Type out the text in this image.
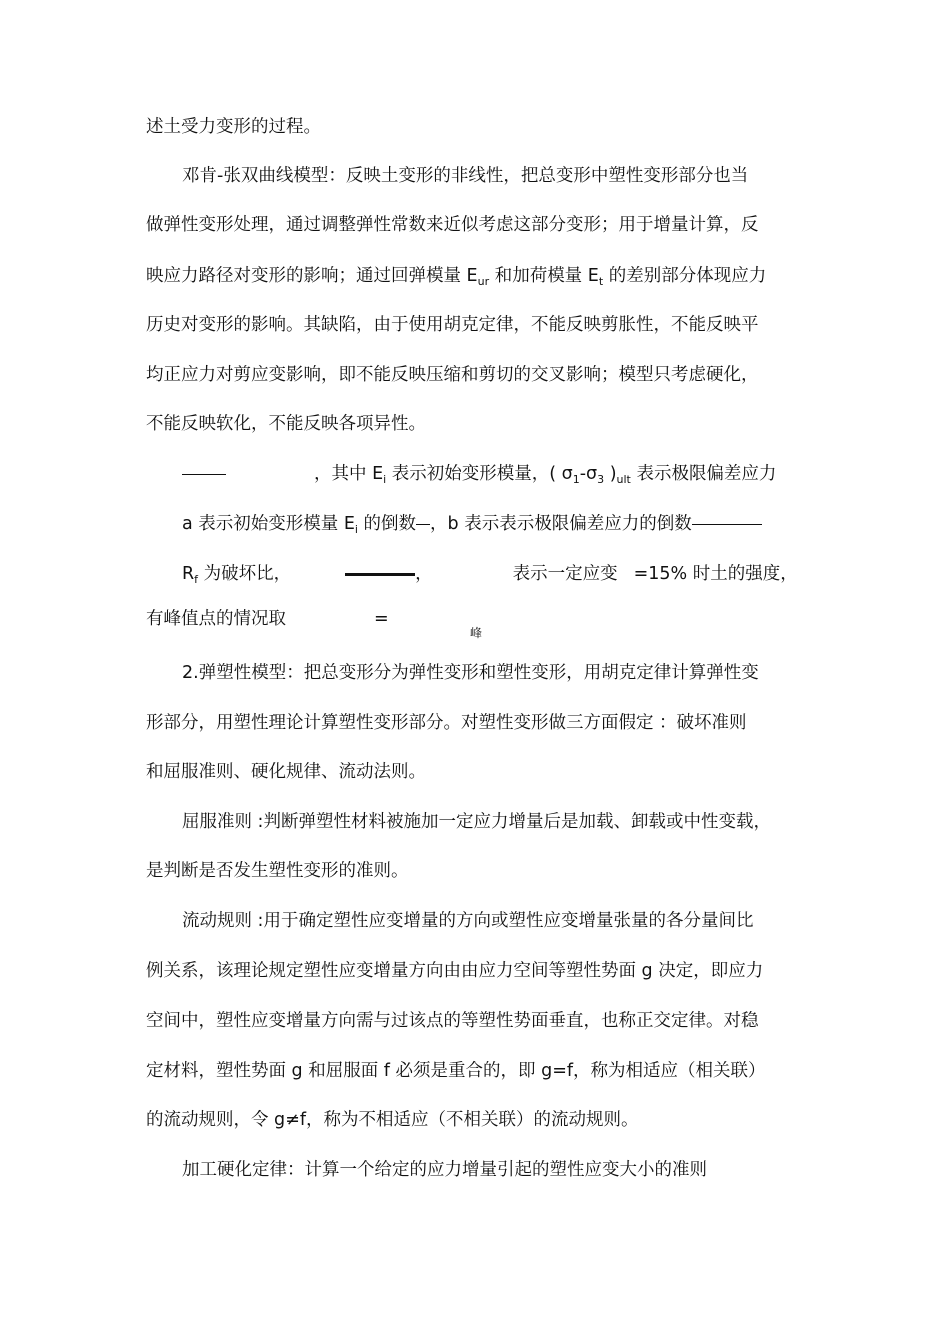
述土受力变形的过程。
邓肯-张双曲线模型：反映土变形的非线性，把总变形中塑性变形部分也当
做弹性变形处理，通过调整弹性常数来近似考虑这部分变形；用于增量计算，反
映应力路径对变形的影响；通过回弹模量 $E_{ur}$ 和加荷模量 $E_t$ 的差别部分体现应力
历史对变形的影响。其缺陷，由于使用胡克定律，不能反映剪胀性，不能反映平
均正应力对剪应变影响，即不能反映压缩和剪切的交叉影响；模型只考虑硬化，
不能反映软化，不能反映各项异性。
，其中 $E_i$ 表示初始变形模量，( $\sigma_1-\sigma_3$ )$_{ult}$ 表示极限偏差应力
a 表示初始变形模量 $E_i$ 的倒数 ，b 表示表示极限偏差应力的倒数
$R_f$ 为破坏比，	，	表示一定应变 =15% 时土的强度，
有峰值点的情况取	=
峰
2.弹塑性模型：把总变形分为弹性变形和塑性变形，用胡克定律计算弹性变
形部分，用塑性理论计算塑性变形部分。对塑性变形做三方面假定 ：破坏准则
和屈服准则、硬化规律、流动法则。
屈服准则 :判断弹塑性材料被施加一定应力增量后是加载、卸载或中性变载，
是判断是否发生塑性变形的准则。
流动规则 :用于确定塑性应变增量的方向或塑性应变增量张量的各分量间比
例关系，该理论规定塑性应变增量方向由由应力空间等塑性势面 g 决定，即应力
空间中，塑性应变增量方向需与过该点的等塑性势面垂直，也称正交定律。对稳
定材料，塑性势面 g 和屈服面 f 必须是重合的，即 g=f，称为相适应（相关联）
的流动规则，令 g≠f，称为不相适应（不相关联）的流动规则。
加工硬化定律：计算一个给定的应力增量引起的塑性应变大小的准则
